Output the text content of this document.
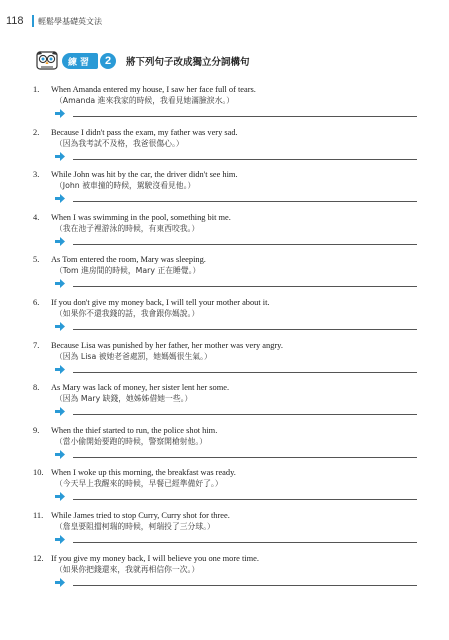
118	輕鬆學基礎英文法
練習	2	將下列句子改成獨立分詞構句
1. When Amanda entered my house, I saw her face full of tears.
（Amanda 進來我家的時候，我看見她滿臉淚水。）
2. Because I didn't pass the exam, my father was very sad.
（因為我考試不及格，我爸很傷心。）
3. While John was hit by the car, the driver didn't see him.
（John 被車撞的時候，駕駛沒看見他。）
4. When I was swimming in the pool, something bit me.
（我在池子裡游泳的時候，有東西咬我。）
5. As Tom entered the room, Mary was sleeping.
（Tom 進房間的時候，Mary 正在睡覺。）
6. If you don't give my money back, I will tell your mother about it.
（如果你不還我錢的話，我會跟你媽說。）
7. Because Lisa was punished by her father, her mother was very angry.
（因為 Lisa 被她老爸處罰，她媽媽很生氣。）
8. As Mary was lack of money, her sister lent her some.
（因為 Mary 缺錢，她姊姊借她一些。）
9. When the thief started to run, the police shot him.
（當小偷開始要跑的時候，警察開槍射他。）
10. When I woke up this morning, the breakfast was ready.
（今天早上我醒來的時候，早餐已經準備好了。）
11. While James tried to stop Curry, Curry shot for three.
（詹皇要阻擋柯瑞的時候，柯瑞投了三分球。）
12. If you give my money back, I will believe you one more time.
（如果你把錢還來，我就再相信你一次。）
